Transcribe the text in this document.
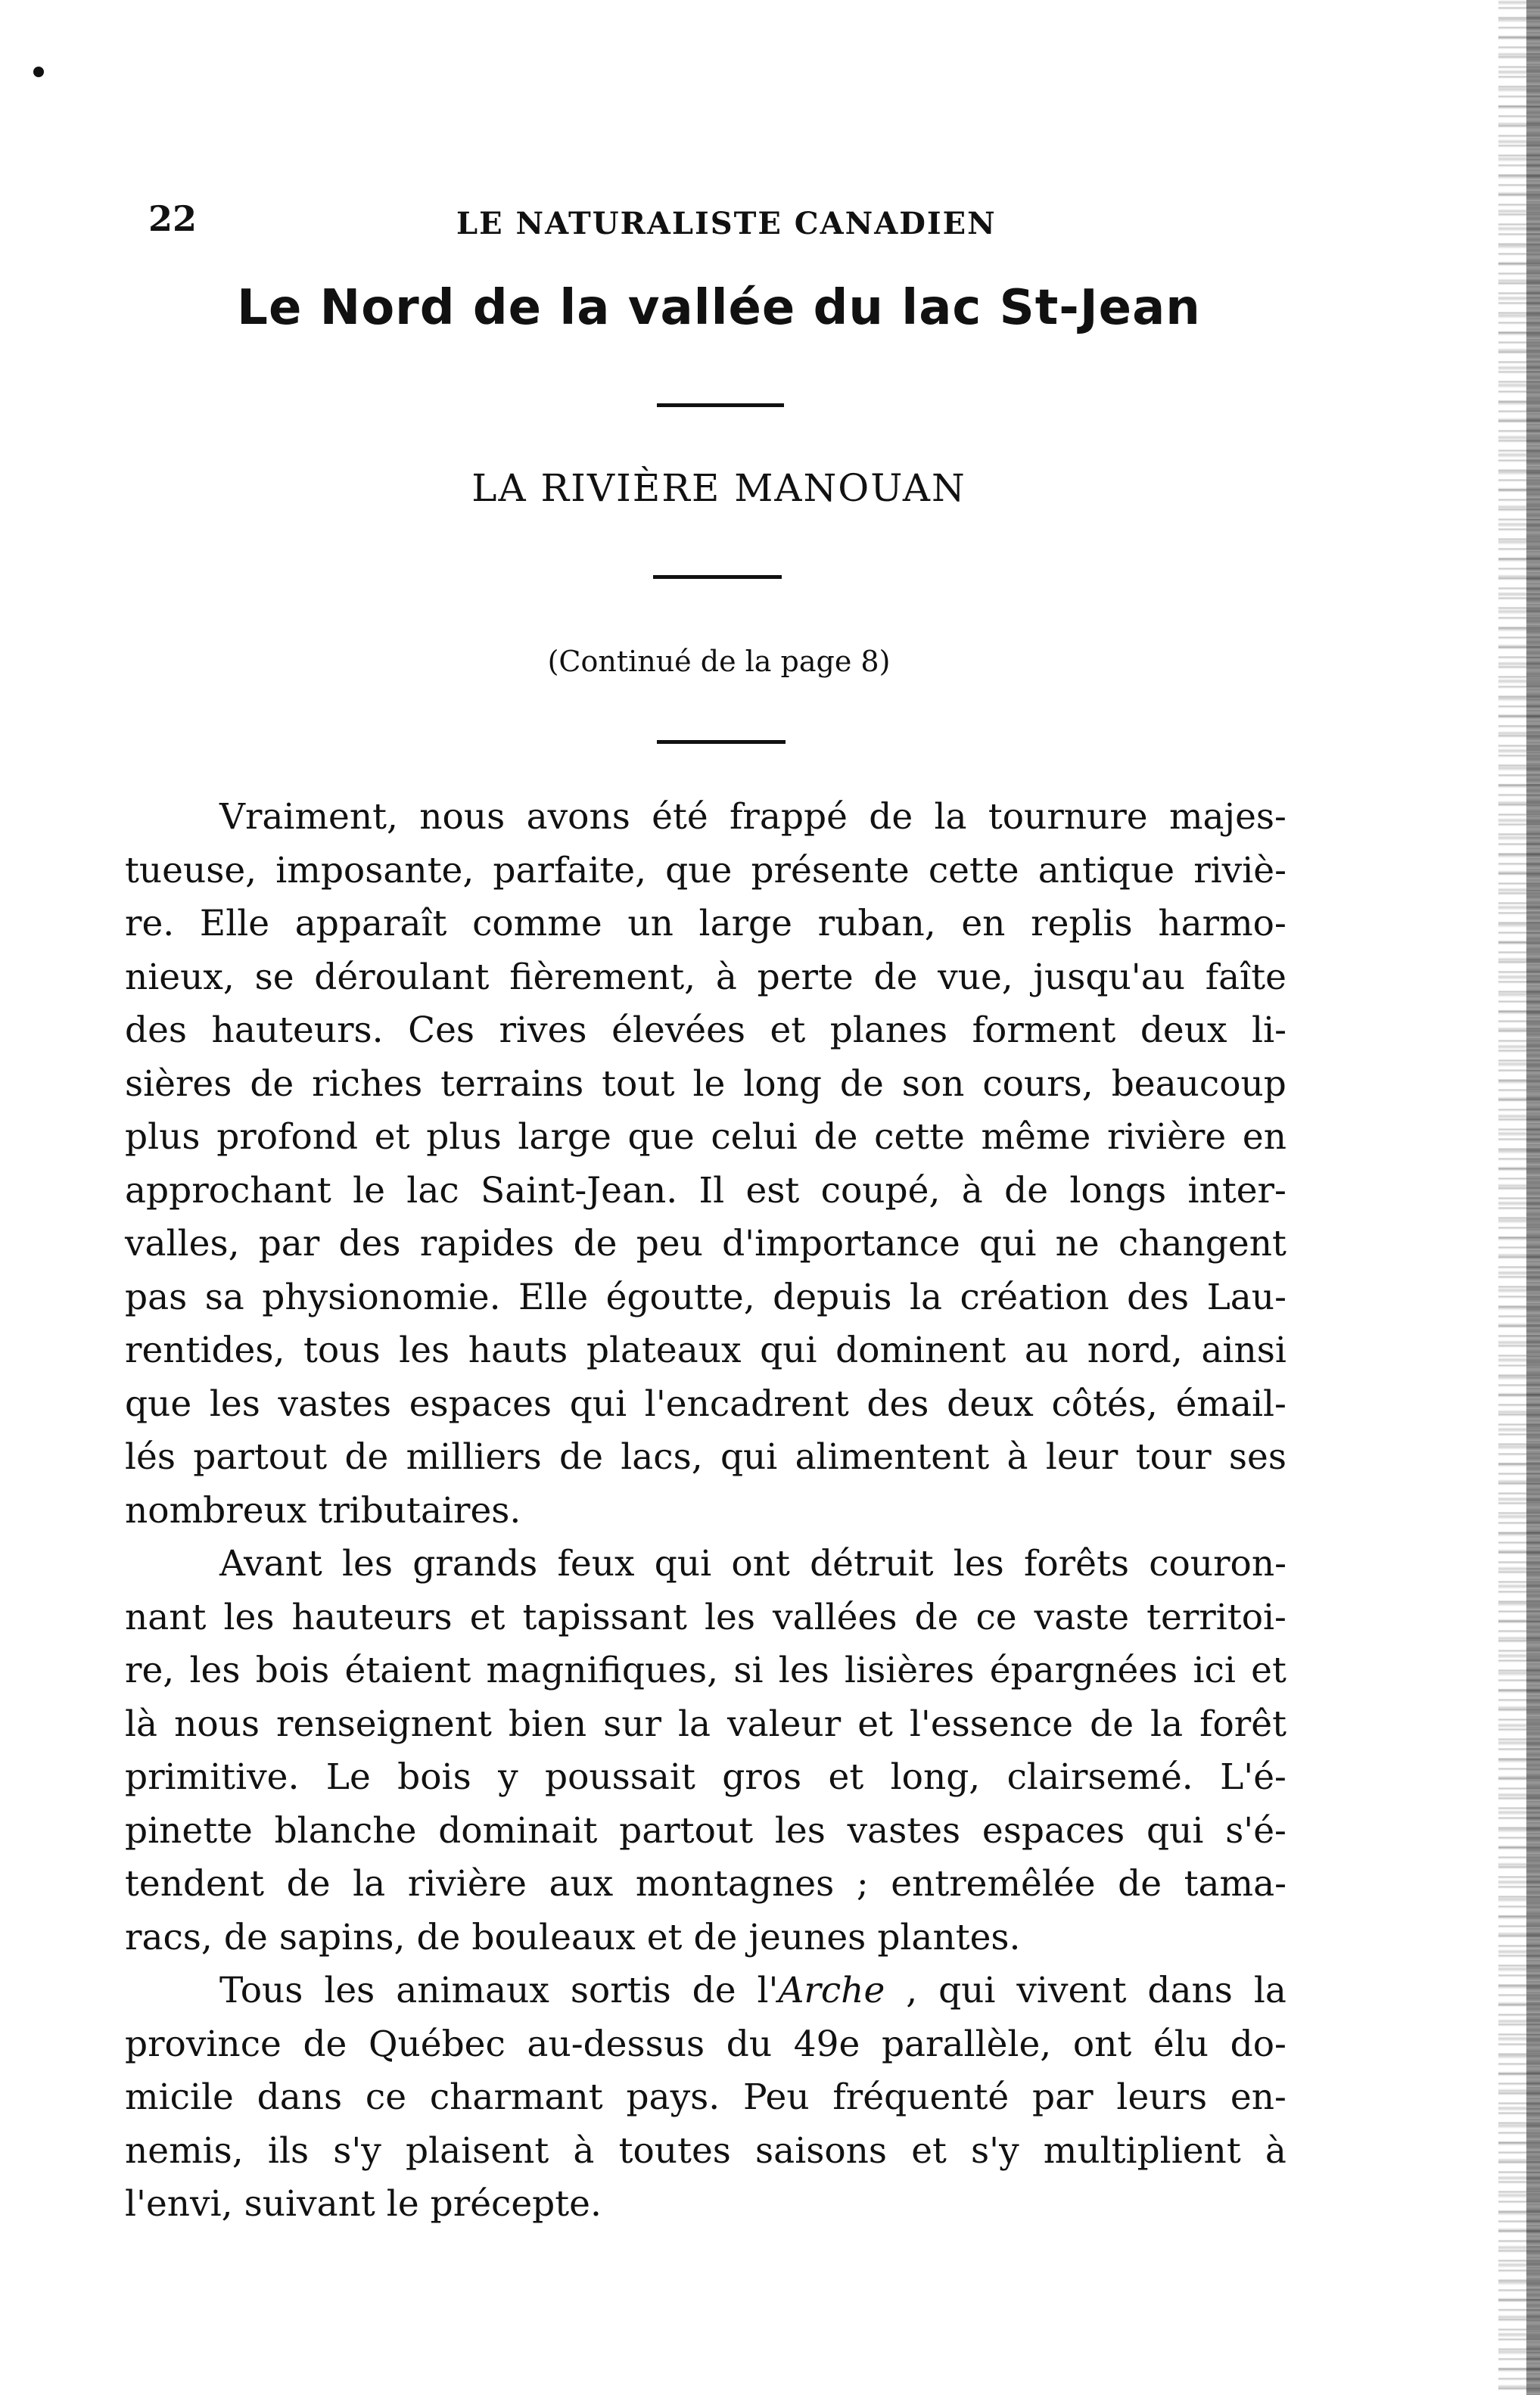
22	LE NATURALISTE CANADIEN
Le Nord de la vallée du lac St-Jean
LA RIVIÈRE MANOUAN
(Continué de la page 8)
Vraiment, nous avons été frappé de la tournure majes-
tueuse, imposante, parfaite, que présente cette antique riviè-
re. Elle apparaît comme un large ruban, en replis harmo-
nieux, se déroulant fièrement, à perte de vue, jusqu'au faîte
des hauteurs. Ces rives élevées et planes forment deux li-
sières de riches terrains tout le long de son cours, beaucoup
plus profond et plus large que celui de cette même rivière en
approchant le lac Saint-Jean. Il est coupé, à de longs inter-
valles, par des rapides de peu d'importance qui ne changent
pas sa physionomie. Elle égoutte, depuis la création des Lau-
rentides, tous les hauts plateaux qui dominent au nord, ainsi
que les vastes espaces qui l'encadrent des deux côtés, émail-
lés partout de milliers de lacs, qui alimentent à leur tour ses
nombreux tributaires.
Avant les grands feux qui ont détruit les forêts couron-
nant les hauteurs et tapissant les vallées de ce vaste territoi-
re, les bois étaient magnifiques, si les lisières épargnées ici et
là nous renseignent bien sur la valeur et l'essence de la forêt
primitive. Le bois y poussait gros et long, clairsemé. L'é-
pinette blanche dominait partout les vastes espaces qui s'é-
tendent de la rivière aux montagnes ; entremêlée de tama-
racs, de sapins, de bouleaux et de jeunes plantes.
Tous les animaux sortis de l'Arche , qui vivent dans la
province de Québec au-dessus du 49e parallèle, ont élu do-
micile dans ce charmant pays. Peu fréquenté par leurs en-
nemis, ils s'y plaisent à toutes saisons et s'y multiplient à
l'envi, suivant le précepte.
